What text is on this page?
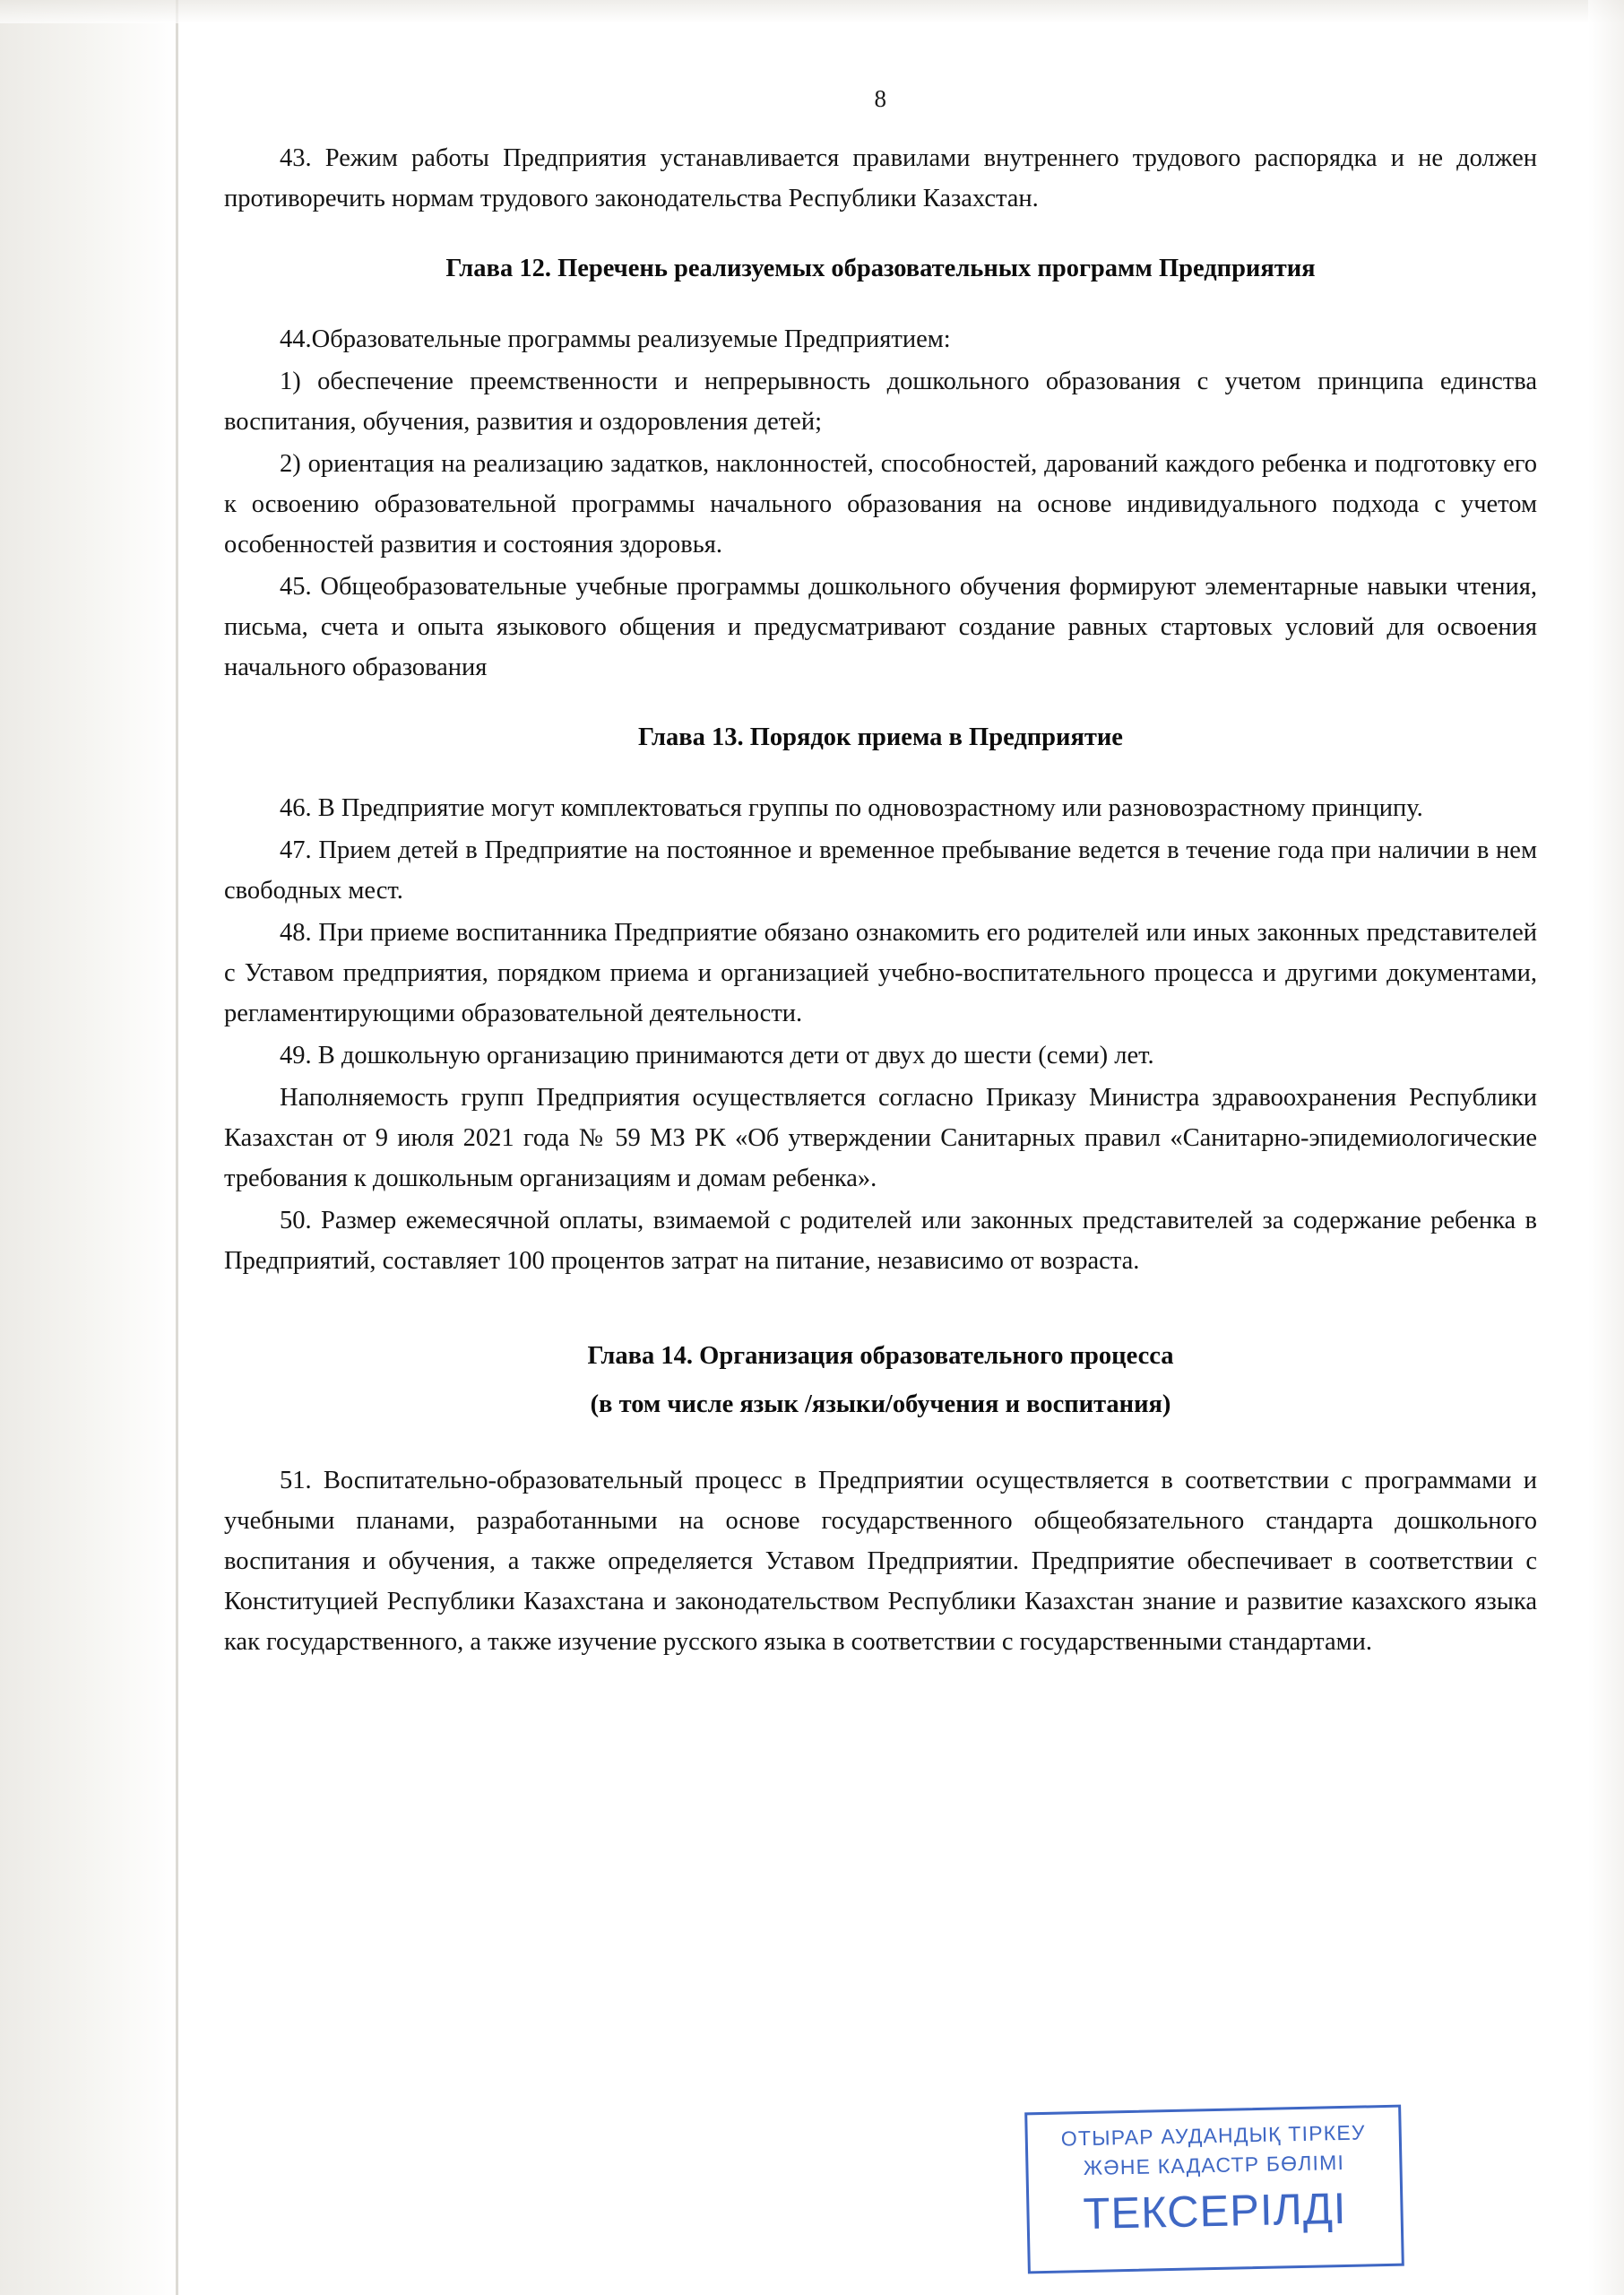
8

43. Режим работы Предприятия устанавливается правилами внутреннего трудового распорядка и не должен противоречить нормам трудового законодательства Республики Казахстан.

Глава 12. Перечень реализуемых образовательных программ Предприятия

44.Образовательные программы реализуемые Предприятием:

1) обеспечение преемственности и непрерывность дошкольного образования с учетом принципа единства воспитания, обучения, развития и оздоровления детей;

2) ориентация на реализацию задатков, наклонностей, способностей, дарований каждого ребенка и подготовку его к освоению образовательной программы начального образования на основе индивидуального подхода с учетом особенностей развития и состояния здоровья.

45. Общеобразовательные учебные программы дошкольного обучения формируют элементарные навыки чтения, письма, счета и опыта языкового общения и предусматривают создание равных стартовых условий для освоения начального образования

Глава 13. Порядок приема в Предприятие

46. В Предприятие могут комплектоваться группы по одновозрастному или разновозрастному принципу.

47. Прием детей в Предприятие на постоянное и временное пребывание ведется в течение года при наличии в нем свободных мест.

48. При приеме воспитанника Предприятие обязано ознакомить его родителей или иных законных представителей с Уставом предприятия, порядком приема и организацией учебно-воспитательного процесса и другими документами, регламентирующими образовательной деятельности.

49. В дошкольную организацию принимаются дети от двух до шести (семи) лет.

Наполняемость групп Предприятия осуществляется согласно Приказу Министра здравоохранения Республики Казахстан от 9 июля 2021 года № 59 МЗ РК «Об утверждении Санитарных правил «Санитарно-эпидемиологические требования к дошкольным организациям и домам ребенка».

50. Размер ежемесячной оплаты, взимаемой с родителей или законных представителей за содержание ребенка в Предприятий, составляет 100 процентов затрат на питание, независимо от возраста.

Глава 14. Организация образовательного процесса
(в том числе язык /языки/обучения и воспитания)

51. Воспитательно-образовательный процесс в Предприятии осуществляется в соответствии с программами и учебными планами, разработанными на основе государственного общеобязательного стандарта дошкольного воспитания и обучения, а также определяется Уставом Предприятии. Предприятие обеспечивает в соответствии с Конституцией Республики Казахстана и законодательством Республики Казахстан знание и развитие казахского языка как государственного, а также изучение русского языка в соответствии с государственными стандартами.

ОТЫРАР АУДАНДЫҚ ТІРКЕУ
ЖӘНЕ КАДАСТР БӨЛІМІ
ТЕКСЕРІЛДІ
